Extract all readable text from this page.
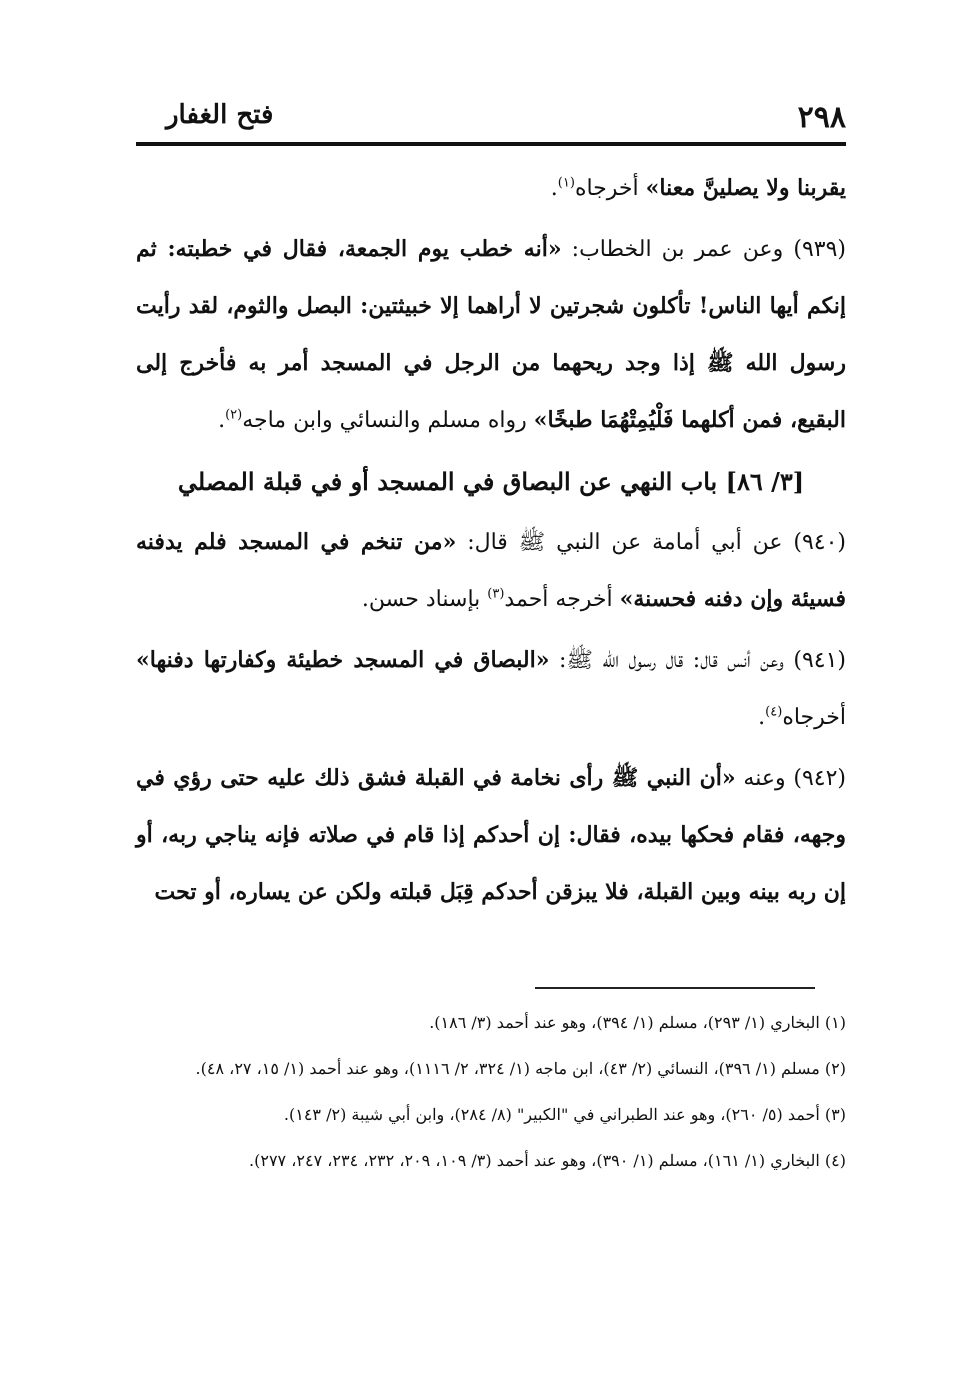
٢٩٨
فتح الغفار

يقربنا ولا يصلينَّ معنا» أخرجاه$^{(١)}$.

(٩٣٩) وعن عمر بن الخطاب: «أنه خطب يوم الجمعة، فقال في خطبته: ثم إنكم أيها الناس! تأكلون شجرتين لا أراهما إلا خبيثتين: البصل والثوم، لقد رأيت رسول الله ﷺ إذا وجد ريحهما من الرجل في المسجد أمر به فأخرج إلى البقيع، فمن أكلهما فَلْيُمِتْهُمَا طبخًا» رواه مسلم والنسائي وابن ماجه$^{(٢)}$.

[٣/ ٨٦] باب النهي عن البصاق في المسجد أو في قبلة المصلي

(٩٤٠) عن أبي أمامة عن النبي ﷺ قال: «من تنخم في المسجد فلم يدفنه فسيئة وإن دفنه فحسنة» أخرجه أحمد$^{(٣)}$ بإسناد حسن.

(٩٤١) وعن أنس قال: قال رسول الله ﷺ: «البصاق في المسجد خطيئة وكفارتها دفنها» أخرجاه$^{(٤)}$.

(٩٤٢) وعنه «أن النبي ﷺ رأى نخامة في القبلة فشق ذلك عليه حتى رؤي في وجهه، فقام فحكها بيده، فقال: إن أحدكم إذا قام في صلاته فإنه يناجي ربه، أو إن ربه بينه وبين القبلة، فلا يبزقن أحدكم قِبَل قبلته ولكن عن يساره، أو تحت

(١) البخاري (١/ ٢٩٣)، مسلم (١/ ٣٩٤)، وهو عند أحمد (٣/ ١٨٦).

(٢) مسلم (١/ ٣٩٦)، النسائي (٢/ ٤٣)، ابن ماجه (١/ ٣٢٤، ٢/ ١١١٦)، وهو عند أحمد (١/ ١٥، ٢٧، ٤٨).

(٣) أحمد (٥/ ٢٦٠)، وهو عند الطبراني في "الكبير" (٨/ ٢٨٤)، وابن أبي شيبة (٢/ ١٤٣).

(٤) البخاري (١/ ١٦١)، مسلم (١/ ٣٩٠)، وهو عند أحمد (٣/ ١٠٩، ٢٠٩، ٢٣٢، ٢٣٤، ٢٤٧، ٢٧٧).
